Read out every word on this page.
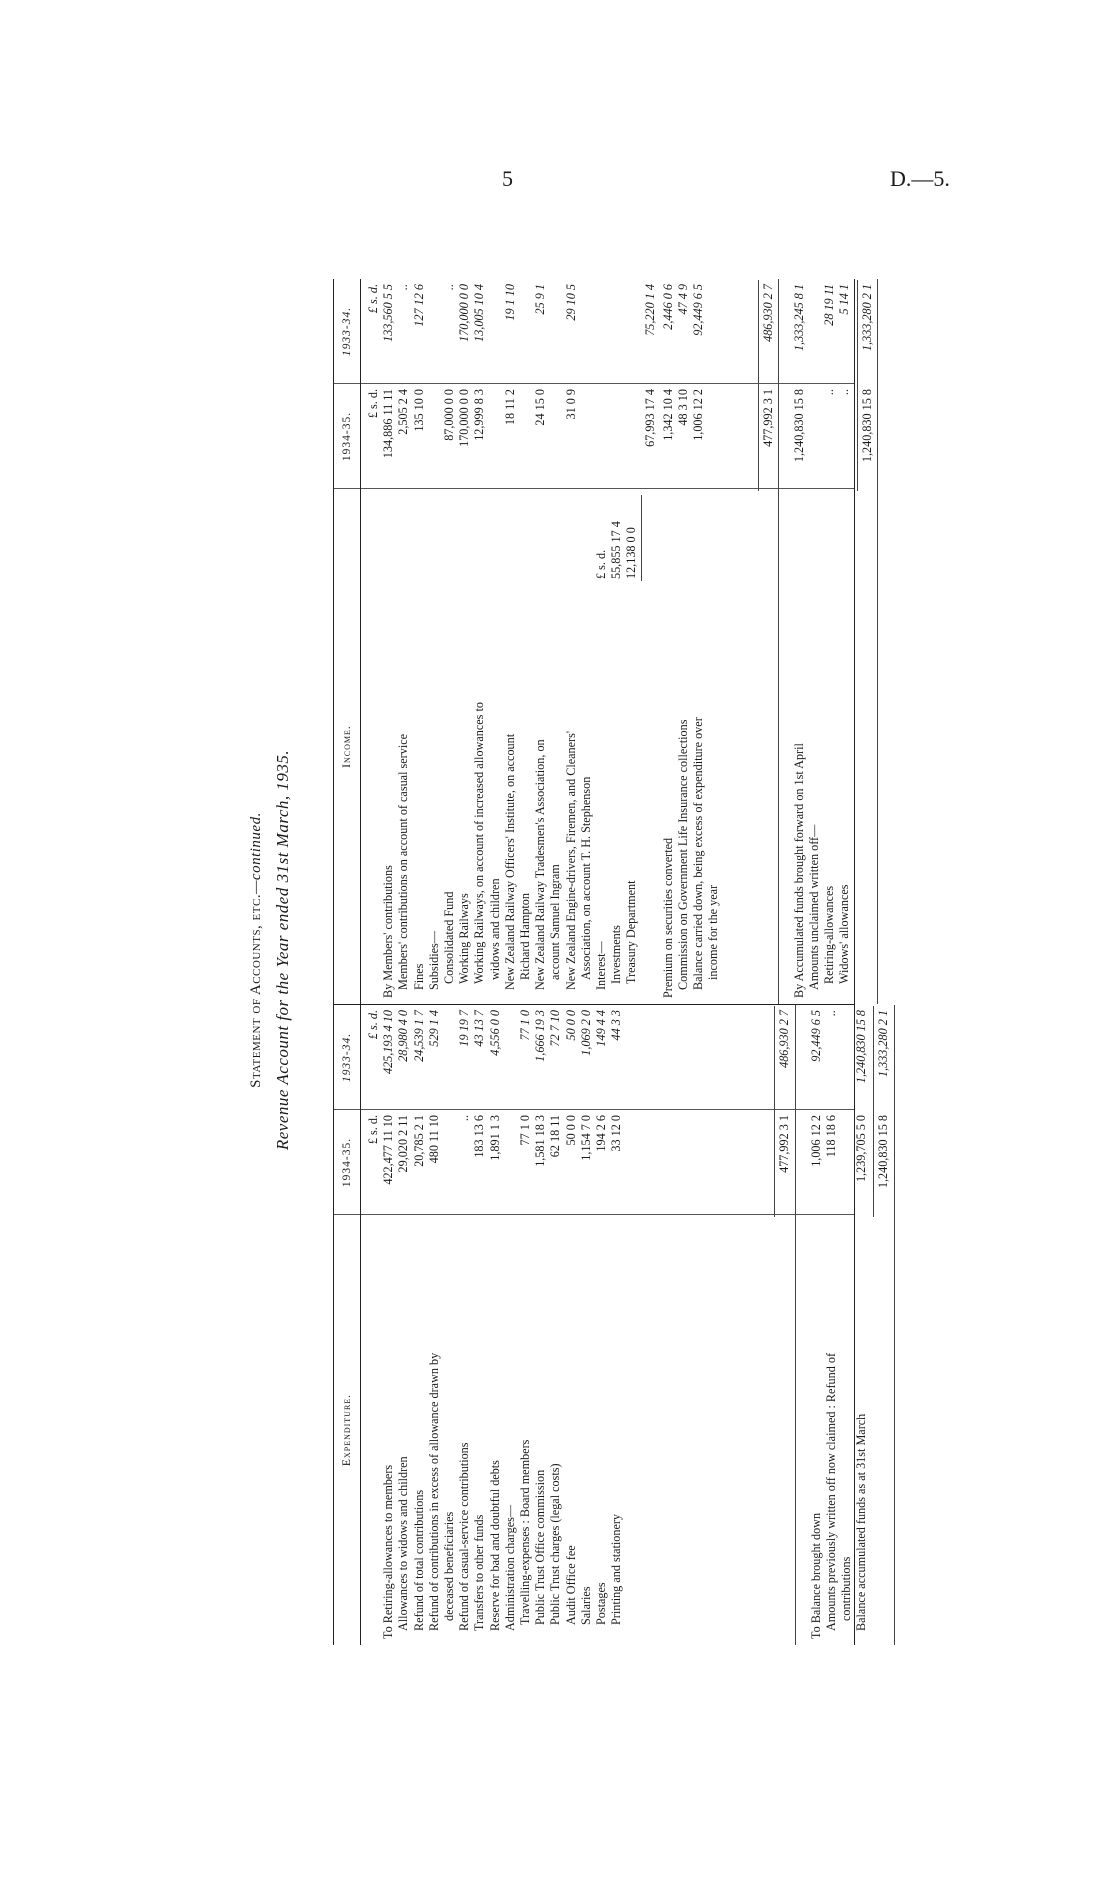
5	D.—5.
Statement of Accounts, etc.—continued. Revenue Account for the Year ended 31st March, 1935.
Expenditure.
1934-35.
1933-34.
£ s. d.
£ s. d.
To Retiring-allowances to members
422,477 11 10
425,193 4 10
Allowances to widows and children
29,020 2 11
28,980 4 0
Refund of total contributions
20,785 2 1
24,539 1 7
Refund of contributions in excess of allowance drawn by
480 11 10
529 1 4
deceased beneficiaries Refund of casual-service contributions
..
19 19 7
Transfers to other funds
183 13 6
43 13 7
Reserve for bad and doubtful debts
1,891 1 3
4,556 0 0
Administration charges— Travelling-expenses : Board members
77 1 0
77 1 0
Public Trust Office commission
1,581 18 3
1,666 19 3
Public Trust charges (legal costs)
62 18 11
72 7 10
Audit Office fee
50 0 0
50 0 0
Salaries
1,154 7 0
1,069 2 0
Postages
194 2 6
149 4 4
Printing and stationery
33 12 0
44 3 3
477,992 3 1
486,930 2 7
To Balance brought down
1,006 12 2
92,449 6 5
Amounts previously written off now claimed : Refund of
118 18 6
..
contributions Balance accumulated funds as at 31st March
1,239,705 5 0
1,240,830 15 8
1,240,830 15 8
1,333,280 2 1
Income.
1934-35.
1933-34.
£ s. d.
£ s. d.
By Members' contributions
134,886 11 11
133,560 5 5
Members' contributions on account of casual service
2,505 2 4
..
Fines
135 10 0
127 12 6
Subsidies— Consolidated Fund
87,000 0 0
..
Working Railways
170,000 0 0
170,000 0 0
Working Railways, on account of increased allowances to
12,999 8 3
13,005 10 4
widows and children New Zealand Railway Officers' Institute, on account
18 11 2
19 1 10
Richard Hampton New Zealand Railway Tradesmen's Association, on
24 15 0
25 9 1
account Samuel Ingram New Zealand Engine-drivers, Firemen, and Cleaners'
31 0 9
29 10 5
Association, on account T. H. Stephenson Interest— Investments Treasury Department
£ s. d. 55,855 17 4 12,138 0 0
67,993 17 4
75,220 1 4
Premium on securities converted
1,342 10 4
2,446 0 6
Commission on Government Life Insurance collections
48 3 10
47 4 9
Balance carried down, being excess of expenditure over
1,006 12 2
92,449 6 5
income for the year
477,992 3 1
486,930 2 7
By Accumulated funds brought forward on 1st April
1,240,830 15 8
1,333,245 8 1
Amounts unclaimed written off— Retiring-allowances
..
28 19 11
Widows' allowances
..
5 14 1
1,240,830 15 8
1,333,280 2 1
